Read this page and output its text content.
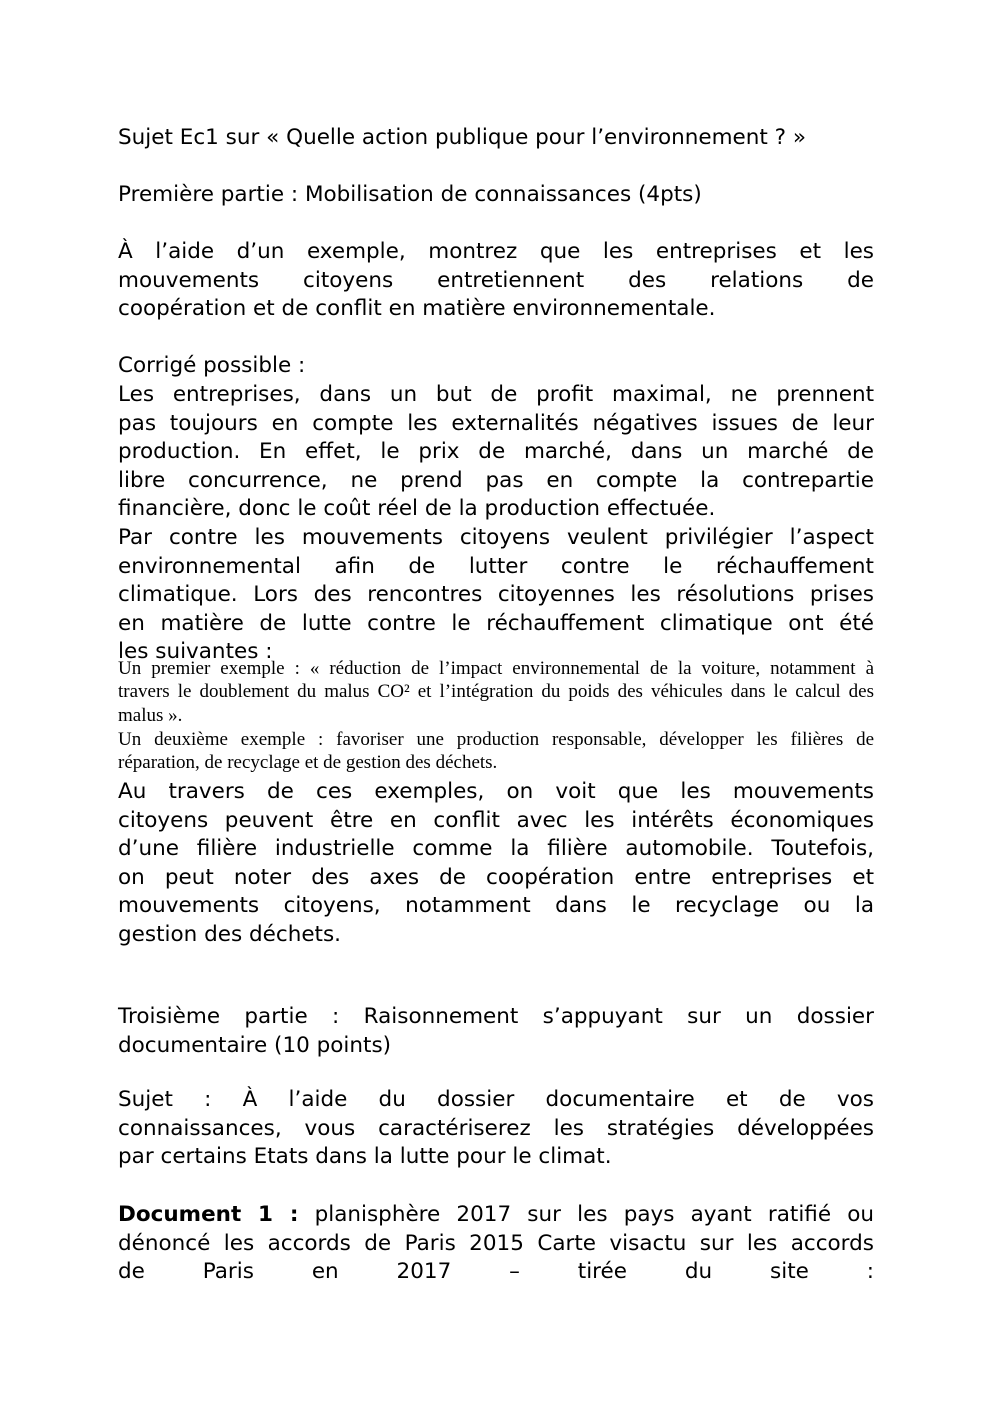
Sujet Ec1 sur « Quelle action publique pour l’environnement ? »
Première partie : Mobilisation de connaissances (4pts)
À l’aide d’un exemple, montrez que les entreprises et les
mouvements citoyens entretiennent des relations de
coopération et de conflit en matière environnementale.
Corrigé possible :
Les entreprises, dans un but de profit maximal, ne prennent
pas toujours en compte les externalités négatives issues de leur
production. En effet, le prix de marché, dans un marché de
libre concurrence, ne prend pas en compte la contrepartie
financière, donc le coût réel de la production effectuée.
Par contre les mouvements citoyens veulent privilégier l’aspect
environnemental afin de lutter contre le réchauffement
climatique. Lors des rencontres citoyennes les résolutions prises
en matière de lutte contre le réchauffement climatique ont été
les suivantes :
Un premier exemple : « réduction de l’impact environnemental de la voiture, notamment à
travers le doublement du malus CO² et l’intégration du poids des véhicules dans le calcul des
malus ».
Un deuxième exemple : favoriser une production responsable, développer les filières de
réparation, de recyclage et de gestion des déchets.
Au travers de ces exemples, on voit que les mouvements
citoyens peuvent être en conflit avec les intérêts économiques
d’une filière industrielle comme la filière automobile. Toutefois,
on peut noter des axes de coopération entre entreprises et
mouvements citoyens, notamment dans le recyclage ou la
gestion des déchets.
Troisième partie : Raisonnement s’appuyant sur un dossier
documentaire (10 points)
Sujet : À l’aide du dossier documentaire et de vos
connaissances, vous caractériserez les stratégies développées
par certains Etats dans la lutte pour le climat.
Document 1 : planisphère 2017 sur les pays ayant ratifié ou
dénoncé les accords de Paris 2015 Carte visactu sur les accords
de Paris en 2017 – tirée du site :
